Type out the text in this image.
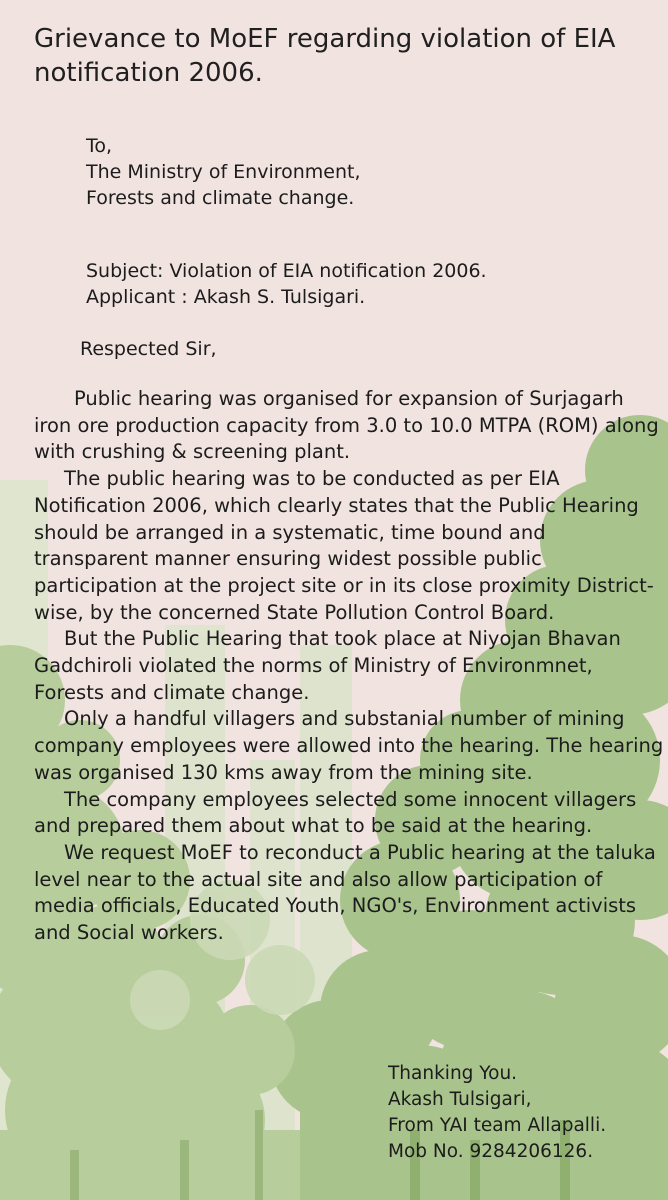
Grievance to MoEF regarding violation of EIA notification 2006.
To,
The Ministry of Environment,
Forests and climate change.
Subject: Violation of EIA notification 2006.
Applicant : Akash S. Tulsigari.
Respected Sir,

Public hearing was organised for expansion of Surjagarh iron ore production capacity from 3.0 to 10.0 MTPA (ROM) along with crushing & screening plant.

The public hearing was to be conducted as per EIA Notification 2006, which clearly states that the Public Hearing should be arranged in a systematic, time bound and transparent manner ensuring widest possible public participation at the project site or in its close proximity District-wise, by the concerned State Pollution Control Board.

But the Public Hearing that took place at Niyojan Bhavan Gadchiroli violated the norms of Ministry of Environmnet, Forests and climate change.

Only a handful villagers and substanial number of mining company employees were allowed into the hearing. The hearing was organised 130 kms away from the mining site.

The company employees selected some innocent villagers and prepared them about what to be said at the hearing.

We request MoEF to reconduct a Public hearing at the taluka level near to the actual site and also allow participation of media officials, Educated Youth, NGO's, Environment activists and Social workers.

Thanking You.
Akash Tulsigari,
From YAI team Allapalli.
Mob No. 9284206126.
